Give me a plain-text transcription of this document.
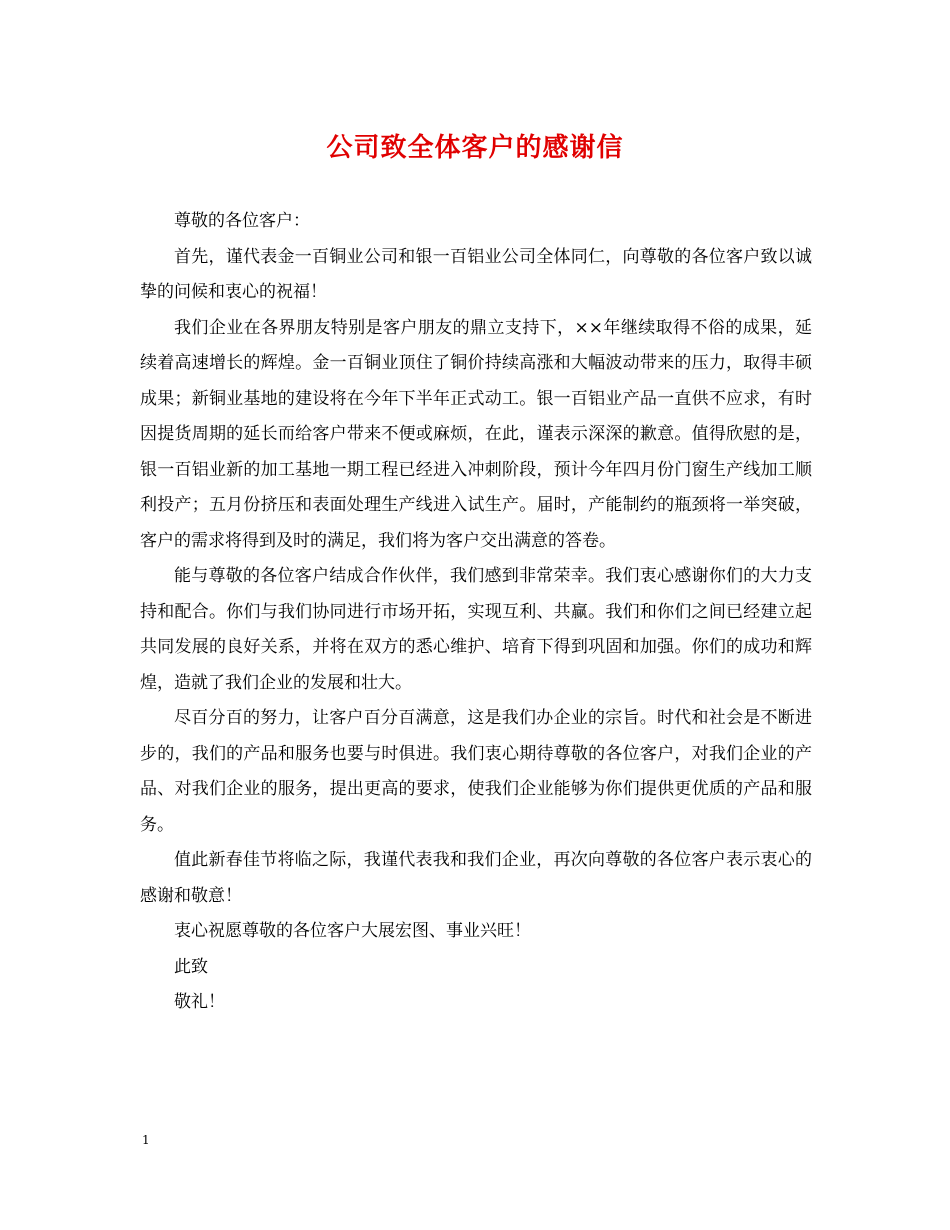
公司致全体客户的感谢信

尊敬的各位客户：

首先，谨代表金一百铜业公司和银一百铝业公司全体同仁，向尊敬的各位客户致以诚挚的问候和衷心的祝福！

我们企业在各界朋友特别是客户朋友的鼎立支持下，××年继续取得不俗的成果，延续着高速增长的辉煌。金一百铜业顶住了铜价持续高涨和大幅波动带来的压力，取得丰硕成果；新铜业基地的建设将在今年下半年正式动工。银一百铝业产品一直供不应求，有时因提货周期的延长而给客户带来不便或麻烦，在此，谨表示深深的歉意。值得欣慰的是，银一百铝业新的加工基地一期工程已经进入冲刺阶段，预计今年四月份门窗生产线加工顺利投产；五月份挤压和表面处理生产线进入试生产。届时，产能制约的瓶颈将一举突破，客户的需求将得到及时的满足，我们将为客户交出满意的答卷。

能与尊敬的各位客户结成合作伙伴，我们感到非常荣幸。我们衷心感谢你们的大力支持和配合。你们与我们协同进行市场开拓，实现互利、共赢。我们和你们之间已经建立起共同发展的良好关系，并将在双方的悉心维护、培育下得到巩固和加强。你们的成功和辉煌，造就了我们企业的发展和壮大。

尽百分百的努力，让客户百分百满意，这是我们办企业的宗旨。时代和社会是不断进步的，我们的产品和服务也要与时俱进。我们衷心期待尊敬的各位客户，对我们企业的产品、对我们企业的服务，提出更高的要求，使我们企业能够为你们提供更优质的产品和服务。

值此新春佳节将临之际，我谨代表我和我们企业，再次向尊敬的各位客户表示衷心的感谢和敬意！

衷心祝愿尊敬的各位客户大展宏图、事业兴旺！

此致

敬礼！

1
